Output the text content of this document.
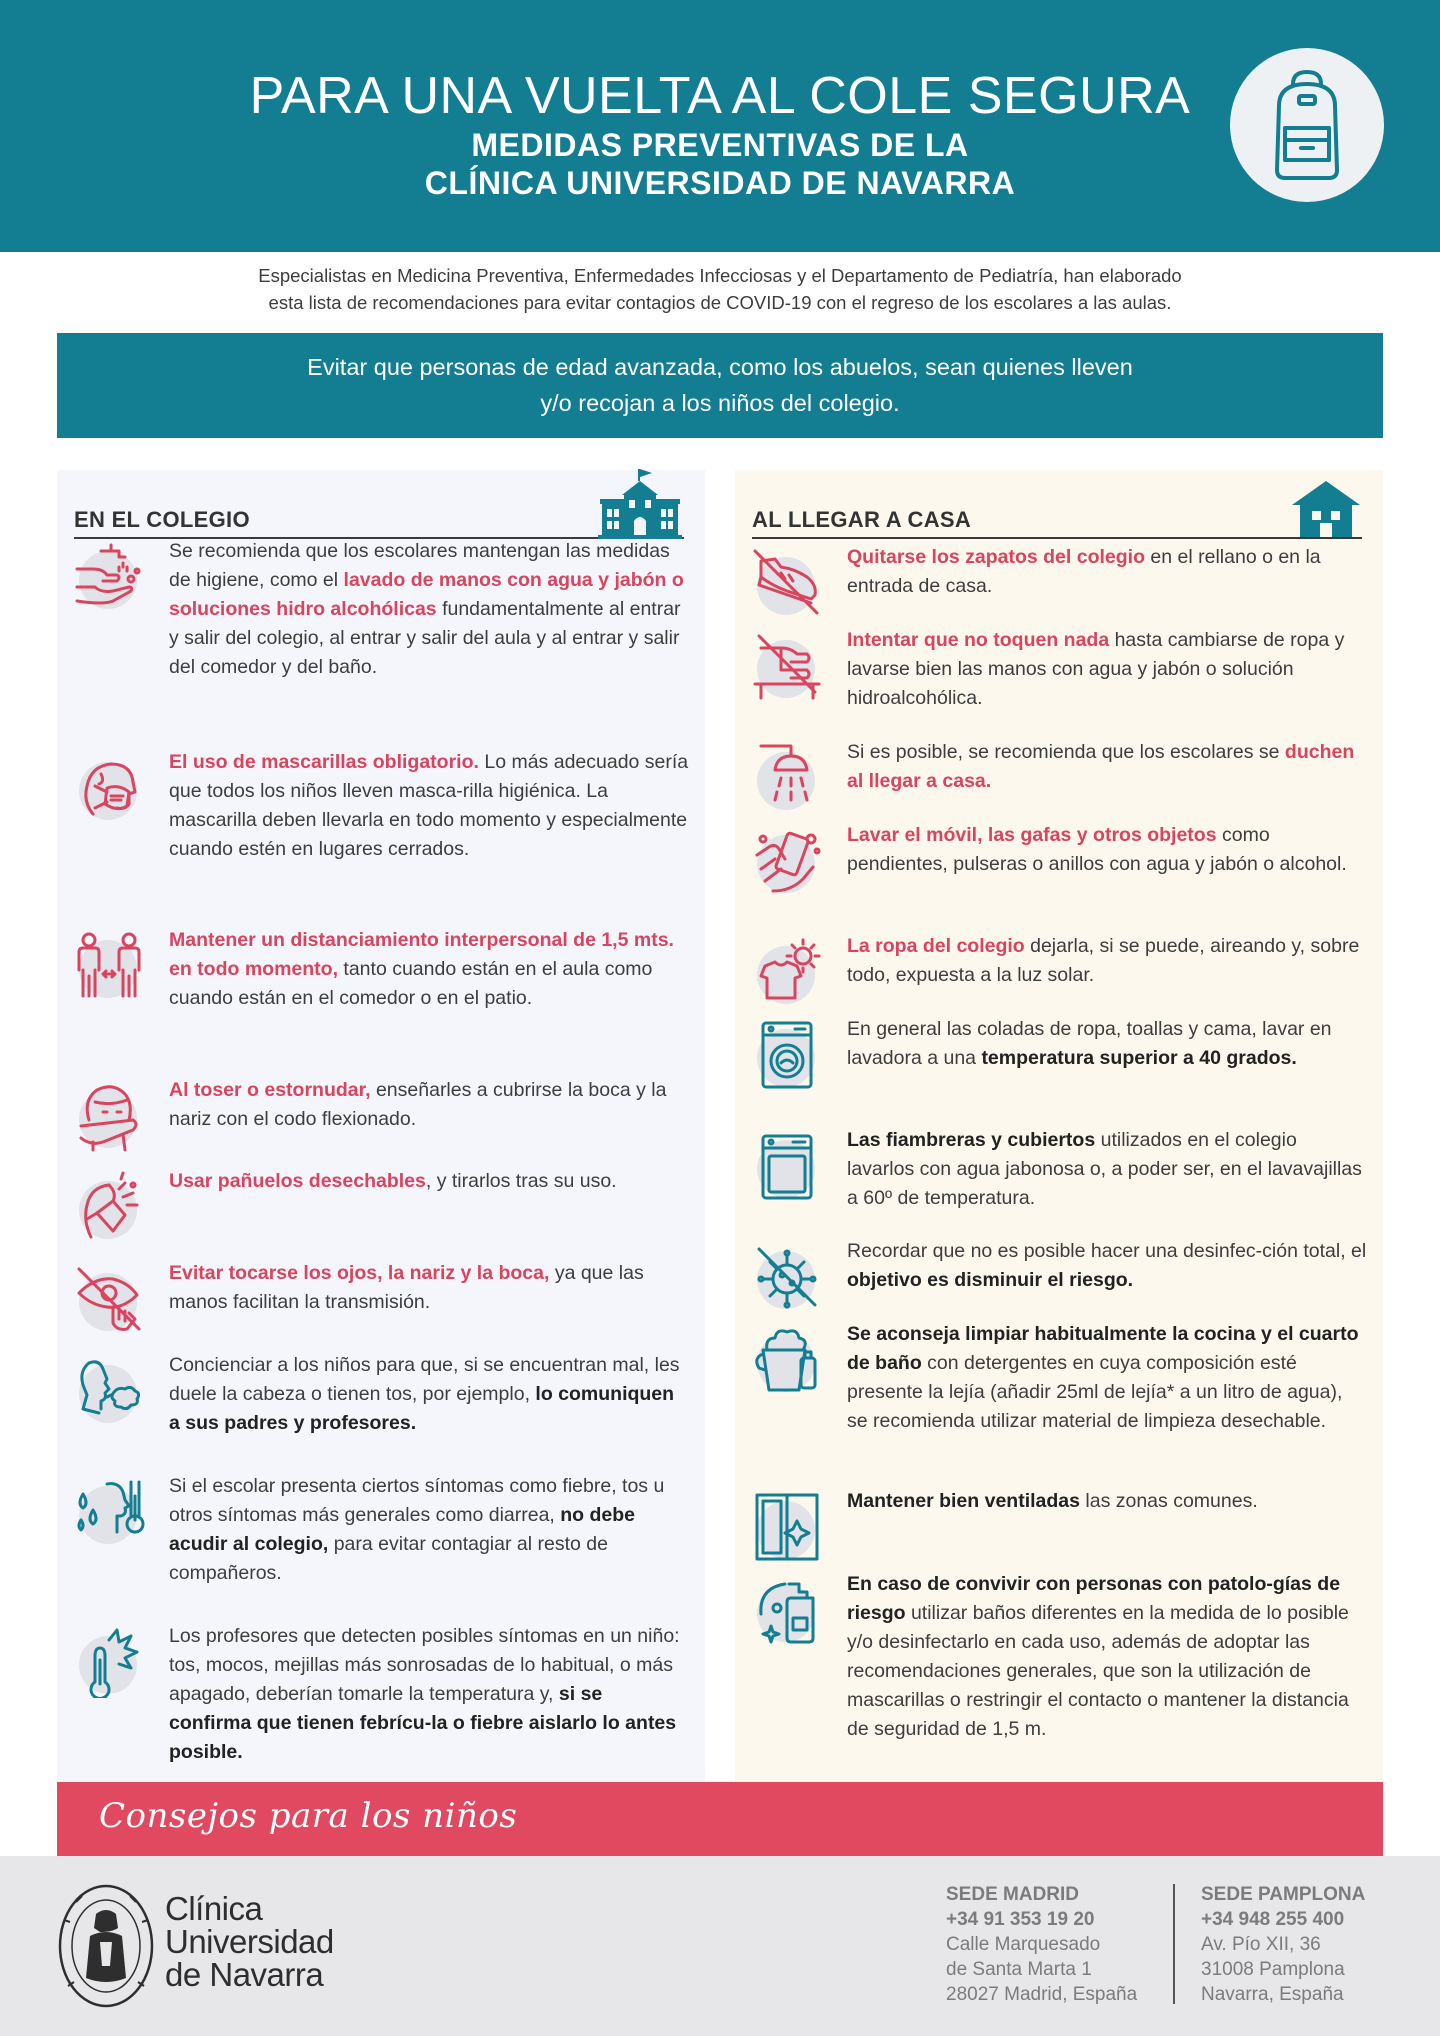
PARA UNA VUELTA AL COLE SEGURA
MEDIDAS PREVENTIVAS DE LA
CLÍNICA UNIVERSIDAD DE NAVARRA
Especialistas en Medicina Preventiva, Enfermedades Infecciosas y el Departamento de Pediatría, han elaborado
esta lista de recomendaciones para evitar contagios de COVID-19 con el regreso de los escolares a las aulas.
Evitar que personas de edad avanzada, como los abuelos, sean quienes lleven
y/o recojan a los niños del colegio.
EN EL COLEGIO

Se recomienda que los escolares mantengan las medidas de higiene, como el lavado de manos con agua y jabón o soluciones hidro alcohólicas fundamentalmente al entrar y salir del colegio, al entrar y salir del aula y al entrar y salir del comedor y del baño.

El uso de mascarillas obligatorio. Lo más adecuado sería que todos los niños lleven masca-rilla higiénica. La mascarilla deben llevarla en todo momento y especialmente cuando estén en lugares cerrados.

Mantener un distanciamiento interpersonal de 1,5 mts. en todo momento, tanto cuando están en el aula como cuando están en el comedor o en el patio.

Al toser o estornudar, enseñarles a cubrirse la boca y la nariz con el codo flexionado.

Usar pañuelos desechables, y tirarlos tras su uso.

Evitar tocarse los ojos, la nariz y la boca, ya que las manos facilitan la transmisión.

Concienciar a los niños para que, si se encuentran mal, les duele la cabeza o tienen tos, por ejemplo, lo comuniquen a sus padres y profesores.

Si el escolar presenta ciertos síntomas como fiebre, tos u otros síntomas más generales como diarrea, no debe acudir al colegio, para evitar contagiar al resto de compañeros.

Los profesores que detecten posibles síntomas en un niño: tos, mocos, mejillas más sonrosadas de lo habitual, o más apagado, deberían tomarle la temperatura y, si se confirma que tienen febrícu-la o fiebre aislarlo lo antes posible.

AL LLEGAR A CASA

Quitarse los zapatos del colegio en el rellano o en la entrada de casa.

Intentar que no toquen nada hasta cambiarse de ropa y lavarse bien las manos con agua y jabón o solución hidroalcohólica.

Si es posible, se recomienda que los escolares se duchen al llegar a casa.

Lavar el móvil, las gafas y otros objetos como pendientes, pulseras o anillos con agua y jabón o alcohol.

La ropa del colegio dejarla, si se puede, aireando y, sobre todo, expuesta a la luz solar.

En general las coladas de ropa, toallas y cama, lavar en lavadora a una temperatura superior a 40 grados.

Las fiambreras y cubiertos utilizados en el colegio lavarlos con agua jabonosa o, a poder ser, en el lavavajillas a 60º de temperatura.

Recordar que no es posible hacer una desinfec-ción total, el objetivo es disminuir el riesgo.

Se aconseja limpiar habitualmente la cocina y el cuarto de baño con detergentes en cuya composición esté presente la lejía (añadir 25ml de lejía* a un litro de agua), se recomienda utilizar material de limpieza desechable.

Mantener bien ventiladas las zonas comunes.

En caso de convivir con personas con patolo-gías de riesgo utilizar baños diferentes en la medida de lo posible y/o desinfectarlo en cada uso, además de adoptar las recomendaciones generales, que son la utilización de mascarillas o restringir el contacto o mantener la distancia de seguridad de 1,5 m.

Consejos para los niños
Clínica
Universidad
de Navarra
SEDE MADRID
+34 91 353 19 20
Calle Marquesado
de Santa Marta 1
28027 Madrid, España
SEDE PAMPLONA
+34 948 255 400
Av. Pío XII, 36
31008 Pamplona
Navarra, España
